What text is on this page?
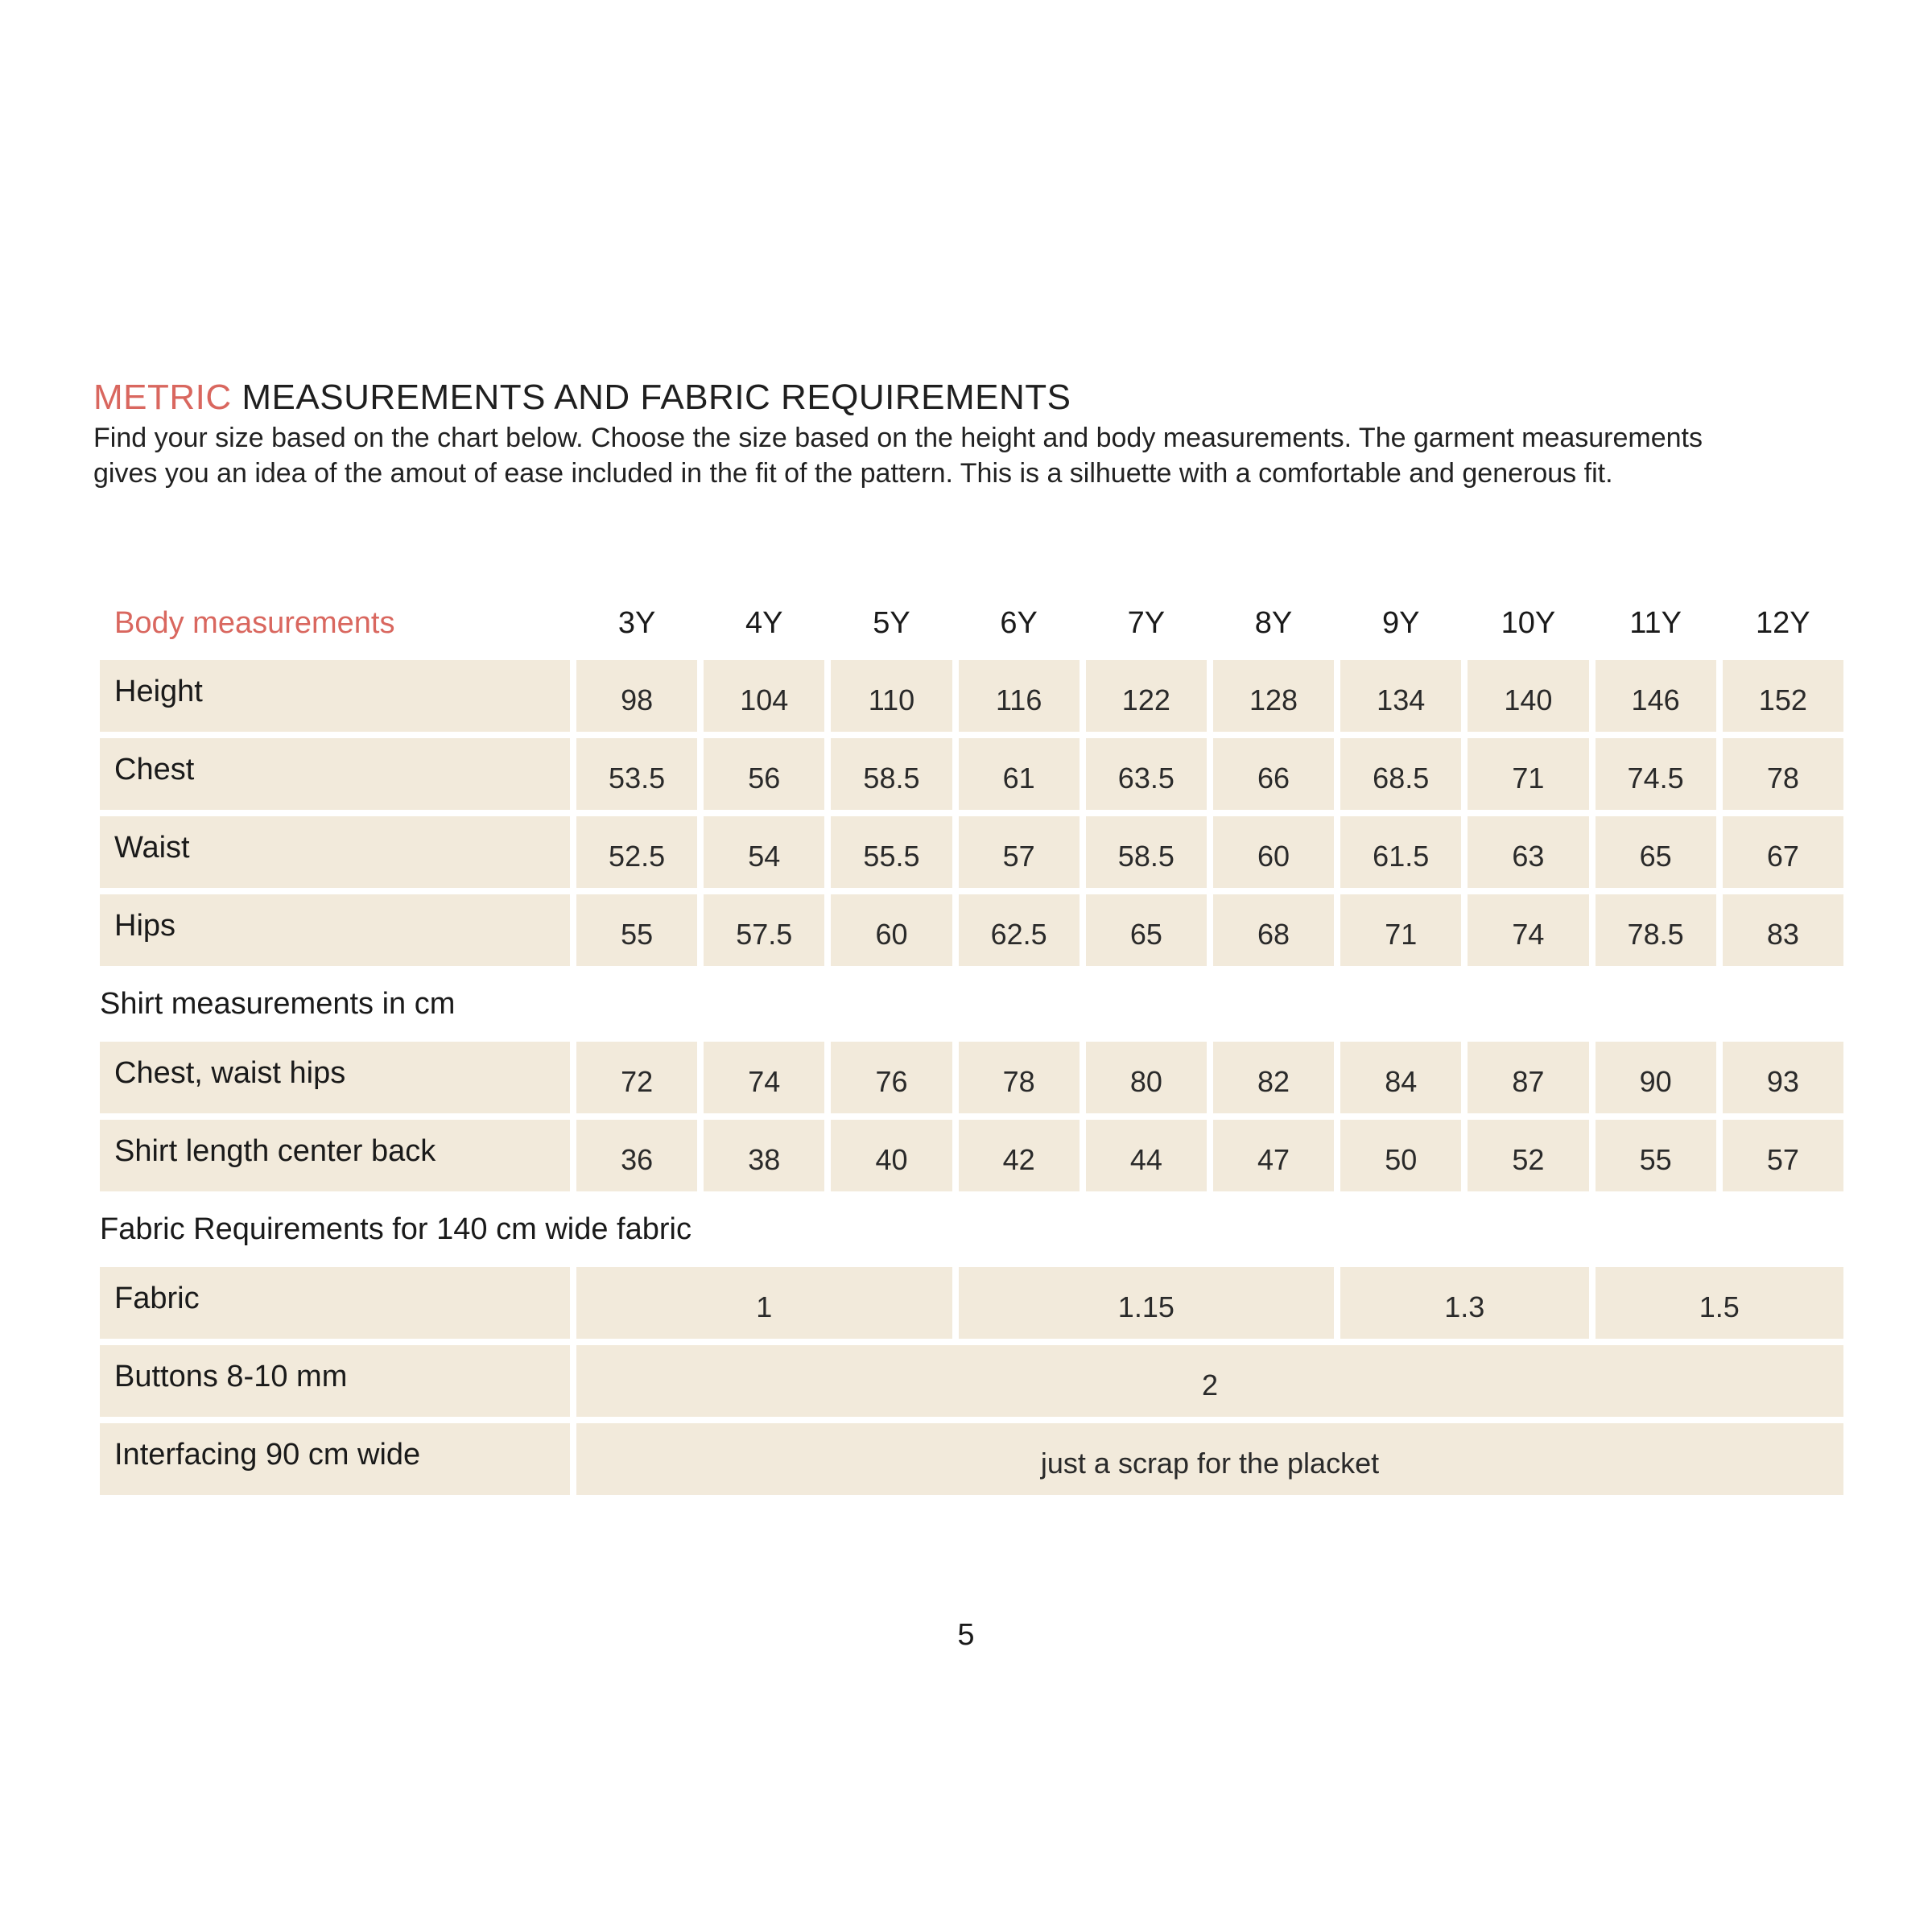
METRIC MEASUREMENTS AND FABRIC REQUIREMENTS

Find your size based on the chart below. Choose the size based on the height and body measurements. The garment measurements
gives you an idea of the amout of ease included in the fit of the pattern. This is a silhuette with a comfortable and generous fit.

Body measurements	3Y	4Y	5Y	6Y	7Y	8Y	9Y	10Y	11Y	12Y
Height	98	104	110	116	122	128	134	140	146	152
Chest	53.5	56	58.5	61	63.5	66	68.5	71	74.5	78
Waist	52.5	54	55.5	57	58.5	60	61.5	63	65	67
Hips	55	57.5	60	62.5	65	68	71	74	78.5	83
Shirt measurements in cm										
Chest, waist hips	72	74	76	78	80	82	84	87	90	93
Shirt length center back	36	38	40	42	44	47	50	52	55	57
Fabric Requirements for 140 cm wide fabric										
Fabric	1			1.15			1.3		1.5	
Buttons 8-10 mm	2									
Interfacing 90 cm wide	just a scrap for the placket									
5
